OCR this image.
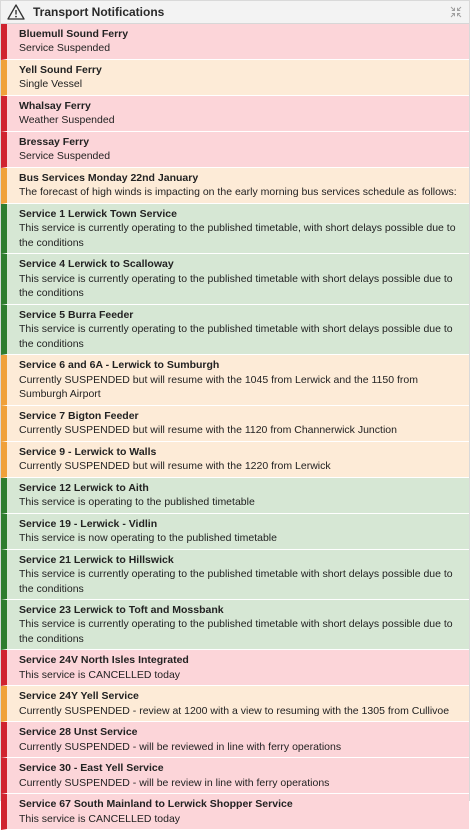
Transport Notifications
Bluemull Sound Ferry
Service Suspended
Yell Sound Ferry
Single Vessel
Whalsay Ferry
Weather Suspended
Bressay Ferry
Service Suspended
Bus Services Monday 22nd January
The forecast of high winds is impacting on the early morning bus services schedule as follows:
Service 1 Lerwick Town Service
This service is currently operating to the published timetable, with short delays possible due to the conditions
Service 4 Lerwick to Scalloway
This service is currently operating to the published timetable with short delays possible due to the conditions
Service 5 Burra Feeder
This service is currently operating to the published timetable with short delays possible due to the conditions
Service 6 and 6A - Lerwick to Sumburgh
Currently SUSPENDED but will resume with the 1045 from Lerwick and the 1150 from Sumburgh Airport
Service 7 Bigton Feeder
Currently SUSPENDED but will resume with the 1120 from Channerwick Junction
Service 9 - Lerwick to Walls
Currently SUSPENDED but will resume with the 1220 from Lerwick
Service 12 Lerwick to Aith
This service is operating to the published timetable
Service 19 - Lerwick - Vidlin
This service is now operating to the published timetable
Service 21 Lerwick to Hillswick
This service is currently operating to the published timetable with short delays possible due to the conditions
Service 23 Lerwick to Toft and Mossbank
This service is currently operating to the published timetable with short delays possible due to the conditions
Service 24V North Isles Integrated
This service is CANCELLED today
Service 24Y Yell Service
Currently SUSPENDED - review at 1200 with a view to resuming with the 1305 from Cullivoe
Service 28 Unst Service
Currently SUSPENDED - will be reviewed in line with ferry operations
Service 30 - East Yell Service
Currently SUSPENDED - will be review in line with ferry operations
Service 67 South Mainland to Lerwick Shopper Service
This service is CANCELLED today
